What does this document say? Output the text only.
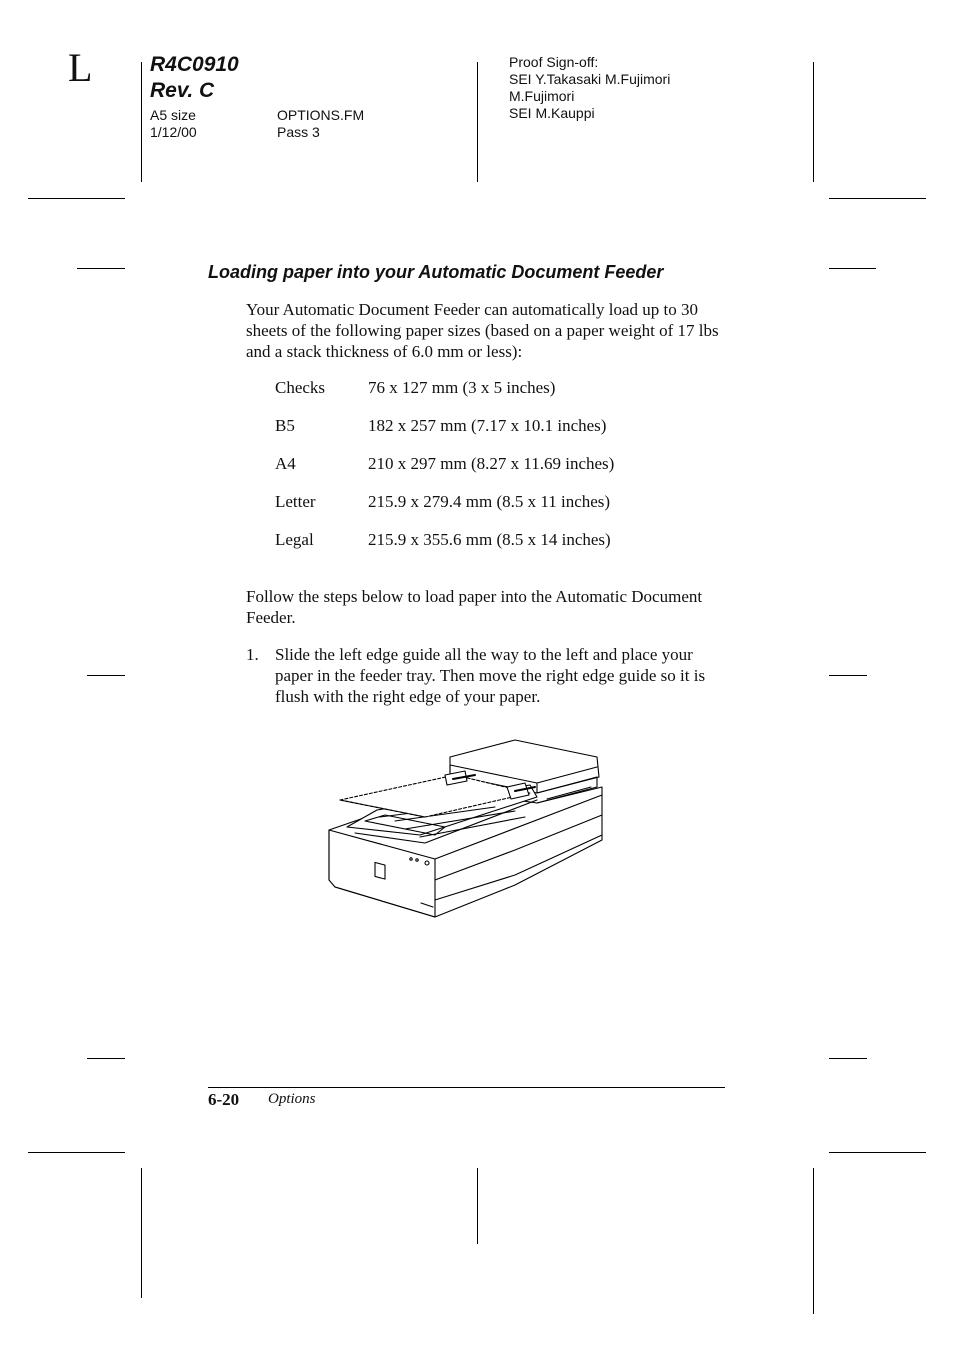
L	R4C0910
Rev. C
A5 size
1/12/00
OPTIONS.FM
Pass 3
Proof Sign-off:
SEI Y.Takasaki M.Fujimori
M.Fujimori
SEI M.Kauppi
Loading paper into your Automatic Document Feeder
Your Automatic Document Feeder can automatically load up to 30 sheets of the following paper sizes (based on a paper weight of 17 lbs and a stack thickness of 6.0 mm or less):
Checks	76 x 127 mm (3 x 5 inches)
B5	182 x 257 mm (7.17 x 10.1 inches)
A4	210 x 297 mm (8.27 x 11.69 inches)
Letter	215.9 x 279.4 mm (8.5 x 11 inches)
Legal	215.9 x 355.6 mm (8.5 x 14 inches)
Follow the steps below to load paper into the Automatic Document Feeder.
1. Slide the left edge guide all the way to the left and place your paper in the feeder tray. Then move the right edge guide so it is flush with the right edge of your paper.
6-20 Options
